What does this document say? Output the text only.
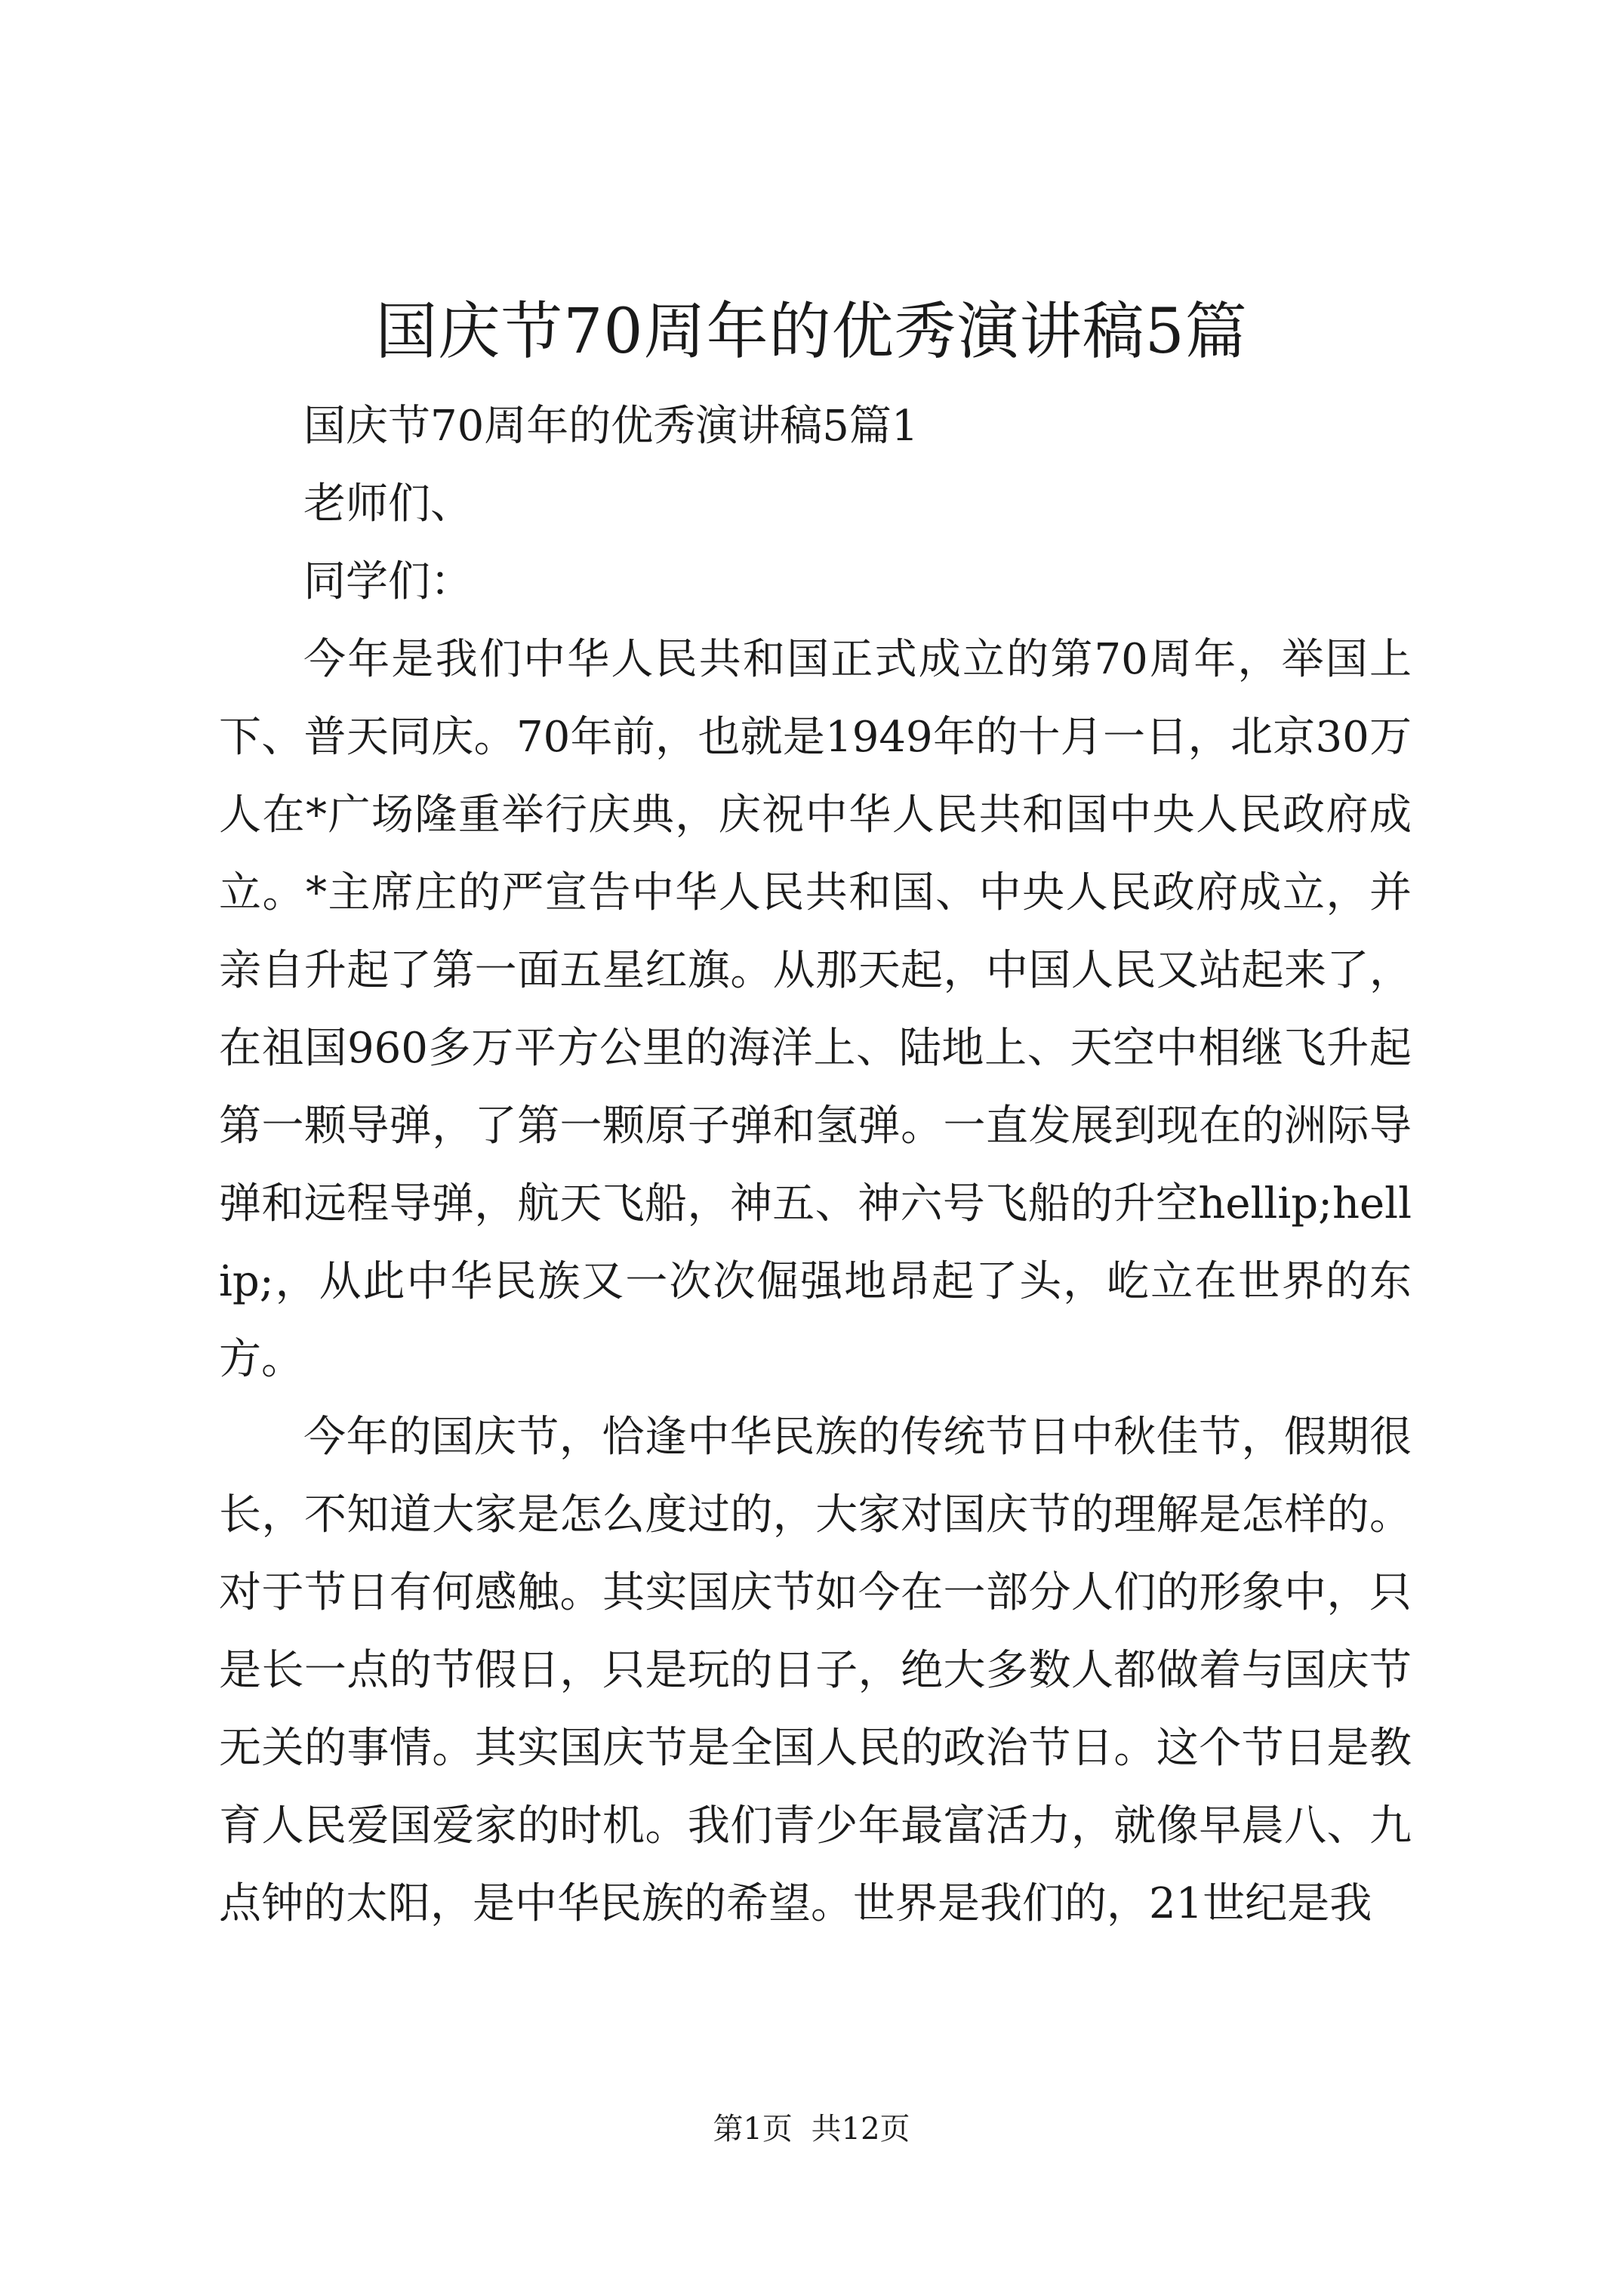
国庆节70周年的优秀演讲稿5篇

国庆节70周年的优秀演讲稿5篇1

老师们、

同学们：

今年是我们中华人民共和国正式成立的第70周年，举国上下、普天同庆。70年前，也就是1949年的十月一日，北京30万人在*广场隆重举行庆典，庆祝中华人民共和国中央人民政府成立。*主席庄的严宣告中华人民共和国、中央人民政府成立，并亲自升起了第一面五星红旗。从那天起，中国人民又站起来了，在祖国960多万平方公里的海洋上、陆地上、天空中相继飞升起第一颗导弹，了第一颗原子弹和氢弹。一直发展到现在的洲际导弹和远程导弹，航天飞船，神五、神六号飞船的升空hellip;hellip;，从此中华民族又一次次倔强地昂起了头，屹立在世界的东方。

今年的国庆节，恰逢中华民族的传统节日中秋佳节，假期很长，不知道大家是怎么度过的，大家对国庆节的理解是怎样的。对于节日有何感触。其实国庆节如今在一部分人们的形象中，只是长一点的节假日，只是玩的日子，绝大多数人都做着与国庆节无关的事情。其实国庆节是全国人民的政治节日。这个节日是教育人民爱国爱家的时机。我们青少年最富活力，就像早晨八、九点钟的太阳，是中华民族的希望。世界是我们的，21世纪是我

第1页 共12页
